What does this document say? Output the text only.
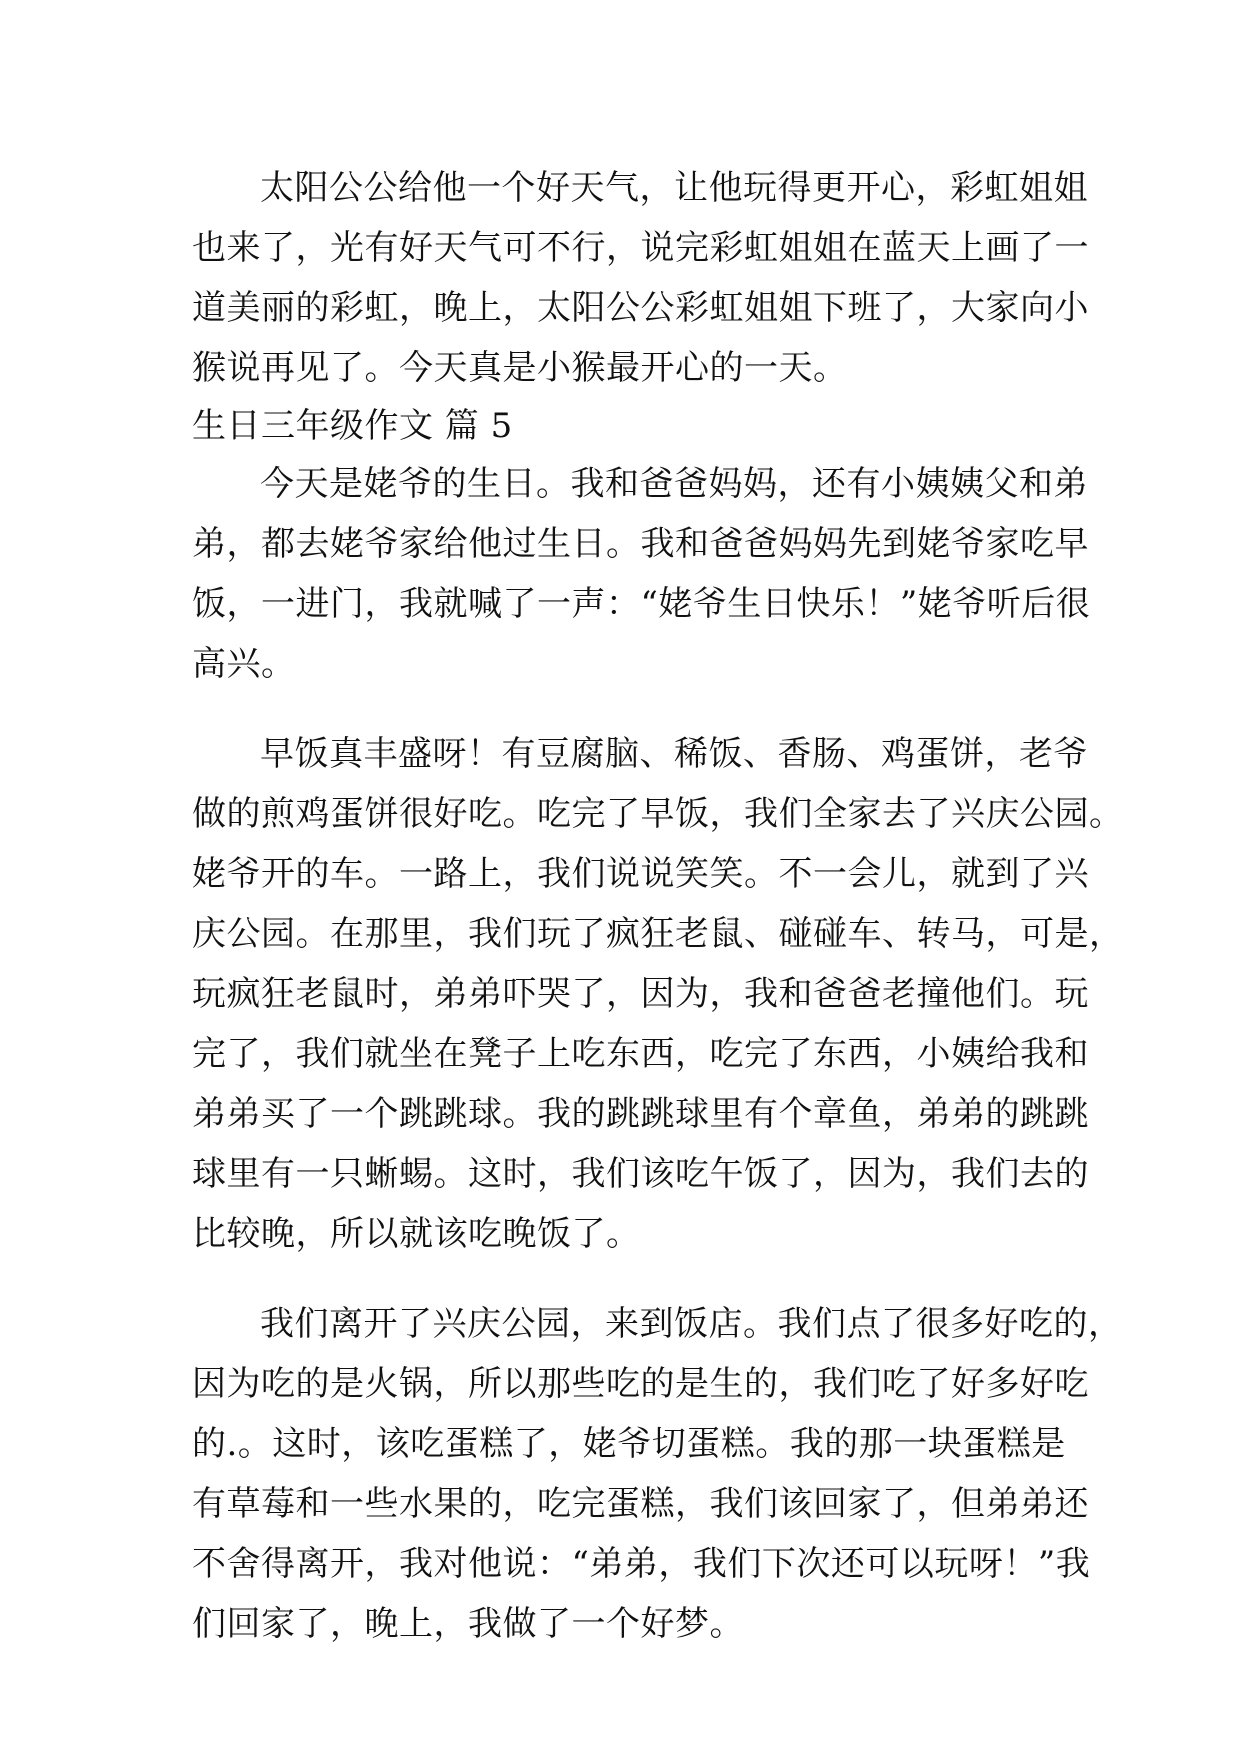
太阳公公给他一个好天气，让他玩得更开心，彩虹姐姐
也来了，光有好天气可不行，说完彩虹姐姐在蓝天上画了一
道美丽的彩虹，晚上，太阳公公彩虹姐姐下班了，大家向小
猴说再见了。今天真是小猴最开心的一天。
生日三年级作文 篇 5
今天是姥爷的生日。我和爸爸妈妈，还有小姨姨父和弟
弟，都去姥爷家给他过生日。我和爸爸妈妈先到姥爷家吃早
饭，一进门，我就喊了一声：“姥爷生日快乐！”姥爷听后很
高兴。
早饭真丰盛呀！有豆腐脑、稀饭、香肠、鸡蛋饼，老爷
做的煎鸡蛋饼很好吃。吃完了早饭，我们全家去了兴庆公园。
姥爷开的车。一路上，我们说说笑笑。不一会儿，就到了兴
庆公园。在那里，我们玩了疯狂老鼠、碰碰车、转马，可是，
玩疯狂老鼠时，弟弟吓哭了，因为，我和爸爸老撞他们。玩
完了，我们就坐在凳子上吃东西，吃完了东西，小姨给我和
弟弟买了一个跳跳球。我的跳跳球里有个章鱼，弟弟的跳跳
球里有一只蜥蜴。这时，我们该吃午饭了，因为，我们去的
比较晚，所以就该吃晚饭了。
我们离开了兴庆公园，来到饭店。我们点了很多好吃的，
因为吃的是火锅，所以那些吃的是生的，我们吃了好多好吃
的.。这时，该吃蛋糕了，姥爷切蛋糕。我的那一块蛋糕是
有草莓和一些水果的，吃完蛋糕，我们该回家了，但弟弟还
不舍得离开，我对他说：“弟弟，我们下次还可以玩呀！”我
们回家了，晚上，我做了一个好梦。
